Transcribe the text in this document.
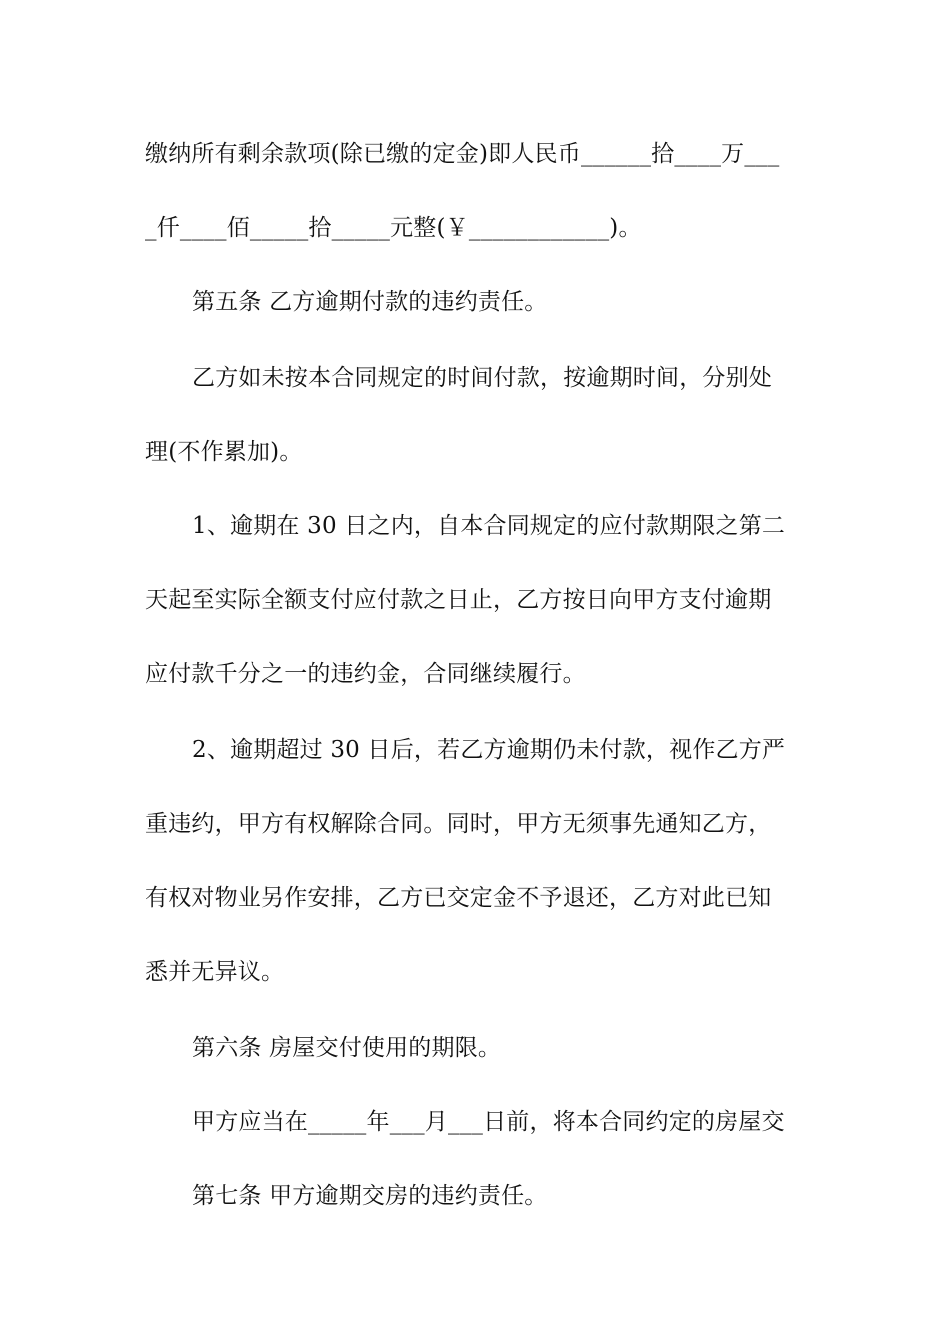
缴纳所有剩余款项(除已缴的定金)即人民币______拾____万___
_仟____佰_____拾_____元整(￥____________)。
第五条 乙方逾期付款的违约责任。
乙方如未按本合同规定的时间付款，按逾期时间，分别处
理(不作累加)。
1、逾期在 30 日之内，自本合同规定的应付款期限之第二
天起至实际全额支付应付款之日止，乙方按日向甲方支付逾期
应付款千分之一的违约金，合同继续履行。
2、逾期超过 30 日后，若乙方逾期仍未付款，视作乙方严
重违约，甲方有权解除合同。同时，甲方无须事先通知乙方，
有权对物业另作安排，乙方已交定金不予退还，乙方对此已知
悉并无异议。
第六条 房屋交付使用的期限。
甲方应当在_____年___月___日前，将本合同约定的房屋交
第七条 甲方逾期交房的违约责任。
